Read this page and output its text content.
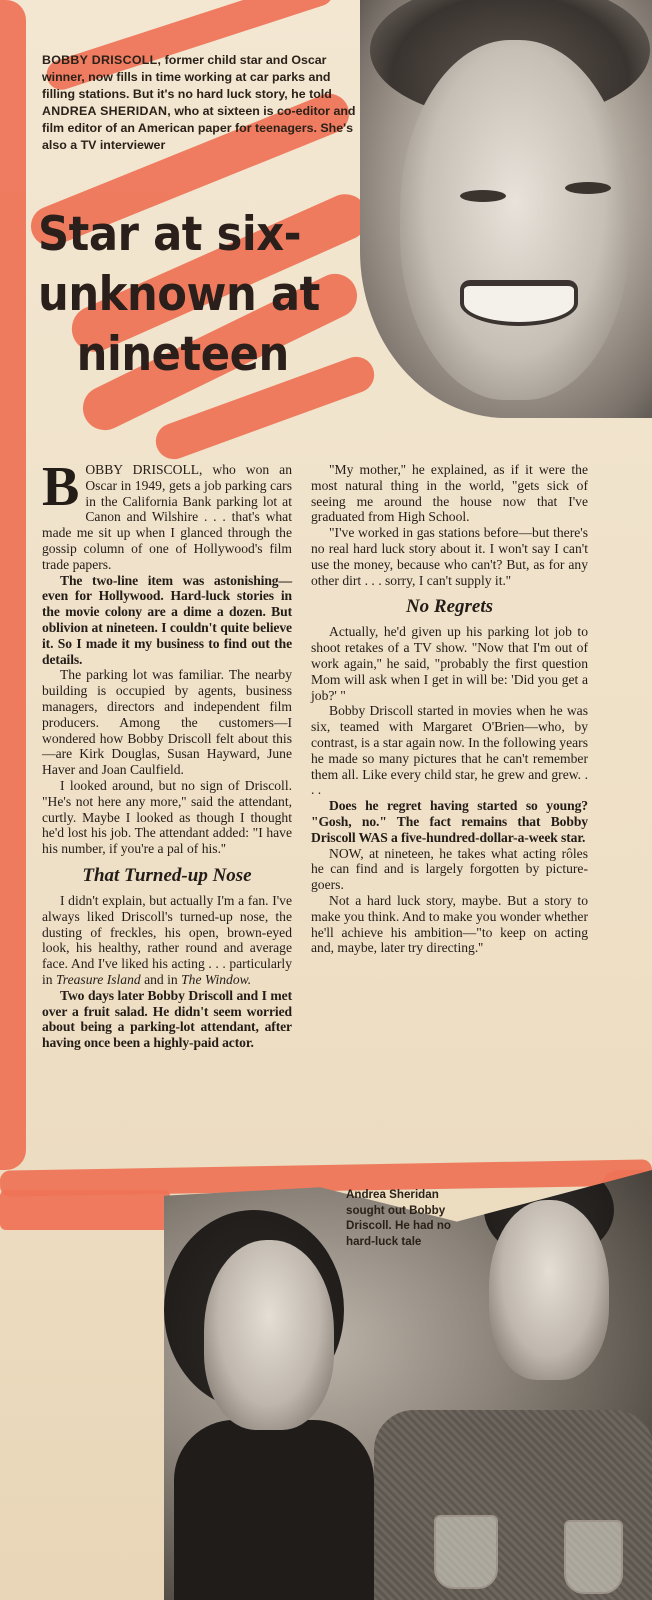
BOBBY DRISCOLL, former child star and Oscar winner, now fills in time working at car parks and filling stations. But it's no hard luck story, he told ANDREA SHERIDAN, who at sixteen is co-editor and film editor of an American paper for teenagers. She's also a TV interviewer
Star at six-
unknown at
nineteen

BOBBY DRISCOLL, who won an Oscar in 1949, gets a job parking cars in the California Bank parking lot at Canon and Wilshire . . . that's what made me sit up when I glanced through the gossip column of one of Hollywood's film trade papers.

The two-line item was astonishing—even for Hollywood. Hard-luck stories in the movie colony are a dime a dozen. But oblivion at nineteen. I couldn't quite believe it. So I made it my business to find out the details.

The parking lot was familiar. The nearby building is occupied by agents, business managers, directors and independent film producers. Among the customers—I wondered how Bobby Driscoll felt about this—are Kirk Douglas, Susan Hayward, June Haver and Joan Caulfield.

I looked around, but no sign of Driscoll. "He's not here any more,'' said the attendant, curtly. Maybe I looked as though I thought he'd lost his job. The attendant added: "I have his number, if you're a pal of his.''

That Turned-up Nose

I didn't explain, but actually I'm a fan. I've always liked Driscoll's turned-up nose, the dusting of freckles, his open, brown-eyed look, his healthy, rather round and average face. And I've liked his acting . . . particularly in Treasure Island and in The Window.

Two days later Bobby Driscoll and I met over a fruit salad. He didn't seem worried about being a parking-lot attendant, after having once been a highly-paid actor.

"My mother,'' he explained, as if it were the most natural thing in the world, "gets sick of seeing me around the house now that I've graduated from High School.

"I've worked in gas stations before—but there's no real hard luck story about it. I won't say I can't use the money, because who can't? But, as for any other dirt . . . sorry, I can't supply it.''

No Regrets

Actually, he'd given up his parking lot job to shoot retakes of a TV show. "Now that I'm out of work again,'' he said, "probably the first question Mom will ask when I get in will be: 'Did you get a job?' "

Bobby Driscoll started in movies when he was six, teamed with Margaret O'Brien—who, by contrast, is a star again now. In the following years he made so many pictures that he can't remember them all. Like every child star, he grew and grew. . . .

Does he regret having started so young? "Gosh, no." The fact remains that Bobby Driscoll WAS a five-hundred-dollar-a-week star.

NOW, at nineteen, he takes what acting rôles he can find and is largely forgotten by picture-goers.

Not a hard luck story, maybe. But a story to make you think. And to make you wonder whether he'll achieve his ambition—"to keep on acting and, maybe, later try directing.''

Andrea Sheridan sought out Bobby Driscoll. He had no hard-luck tale
